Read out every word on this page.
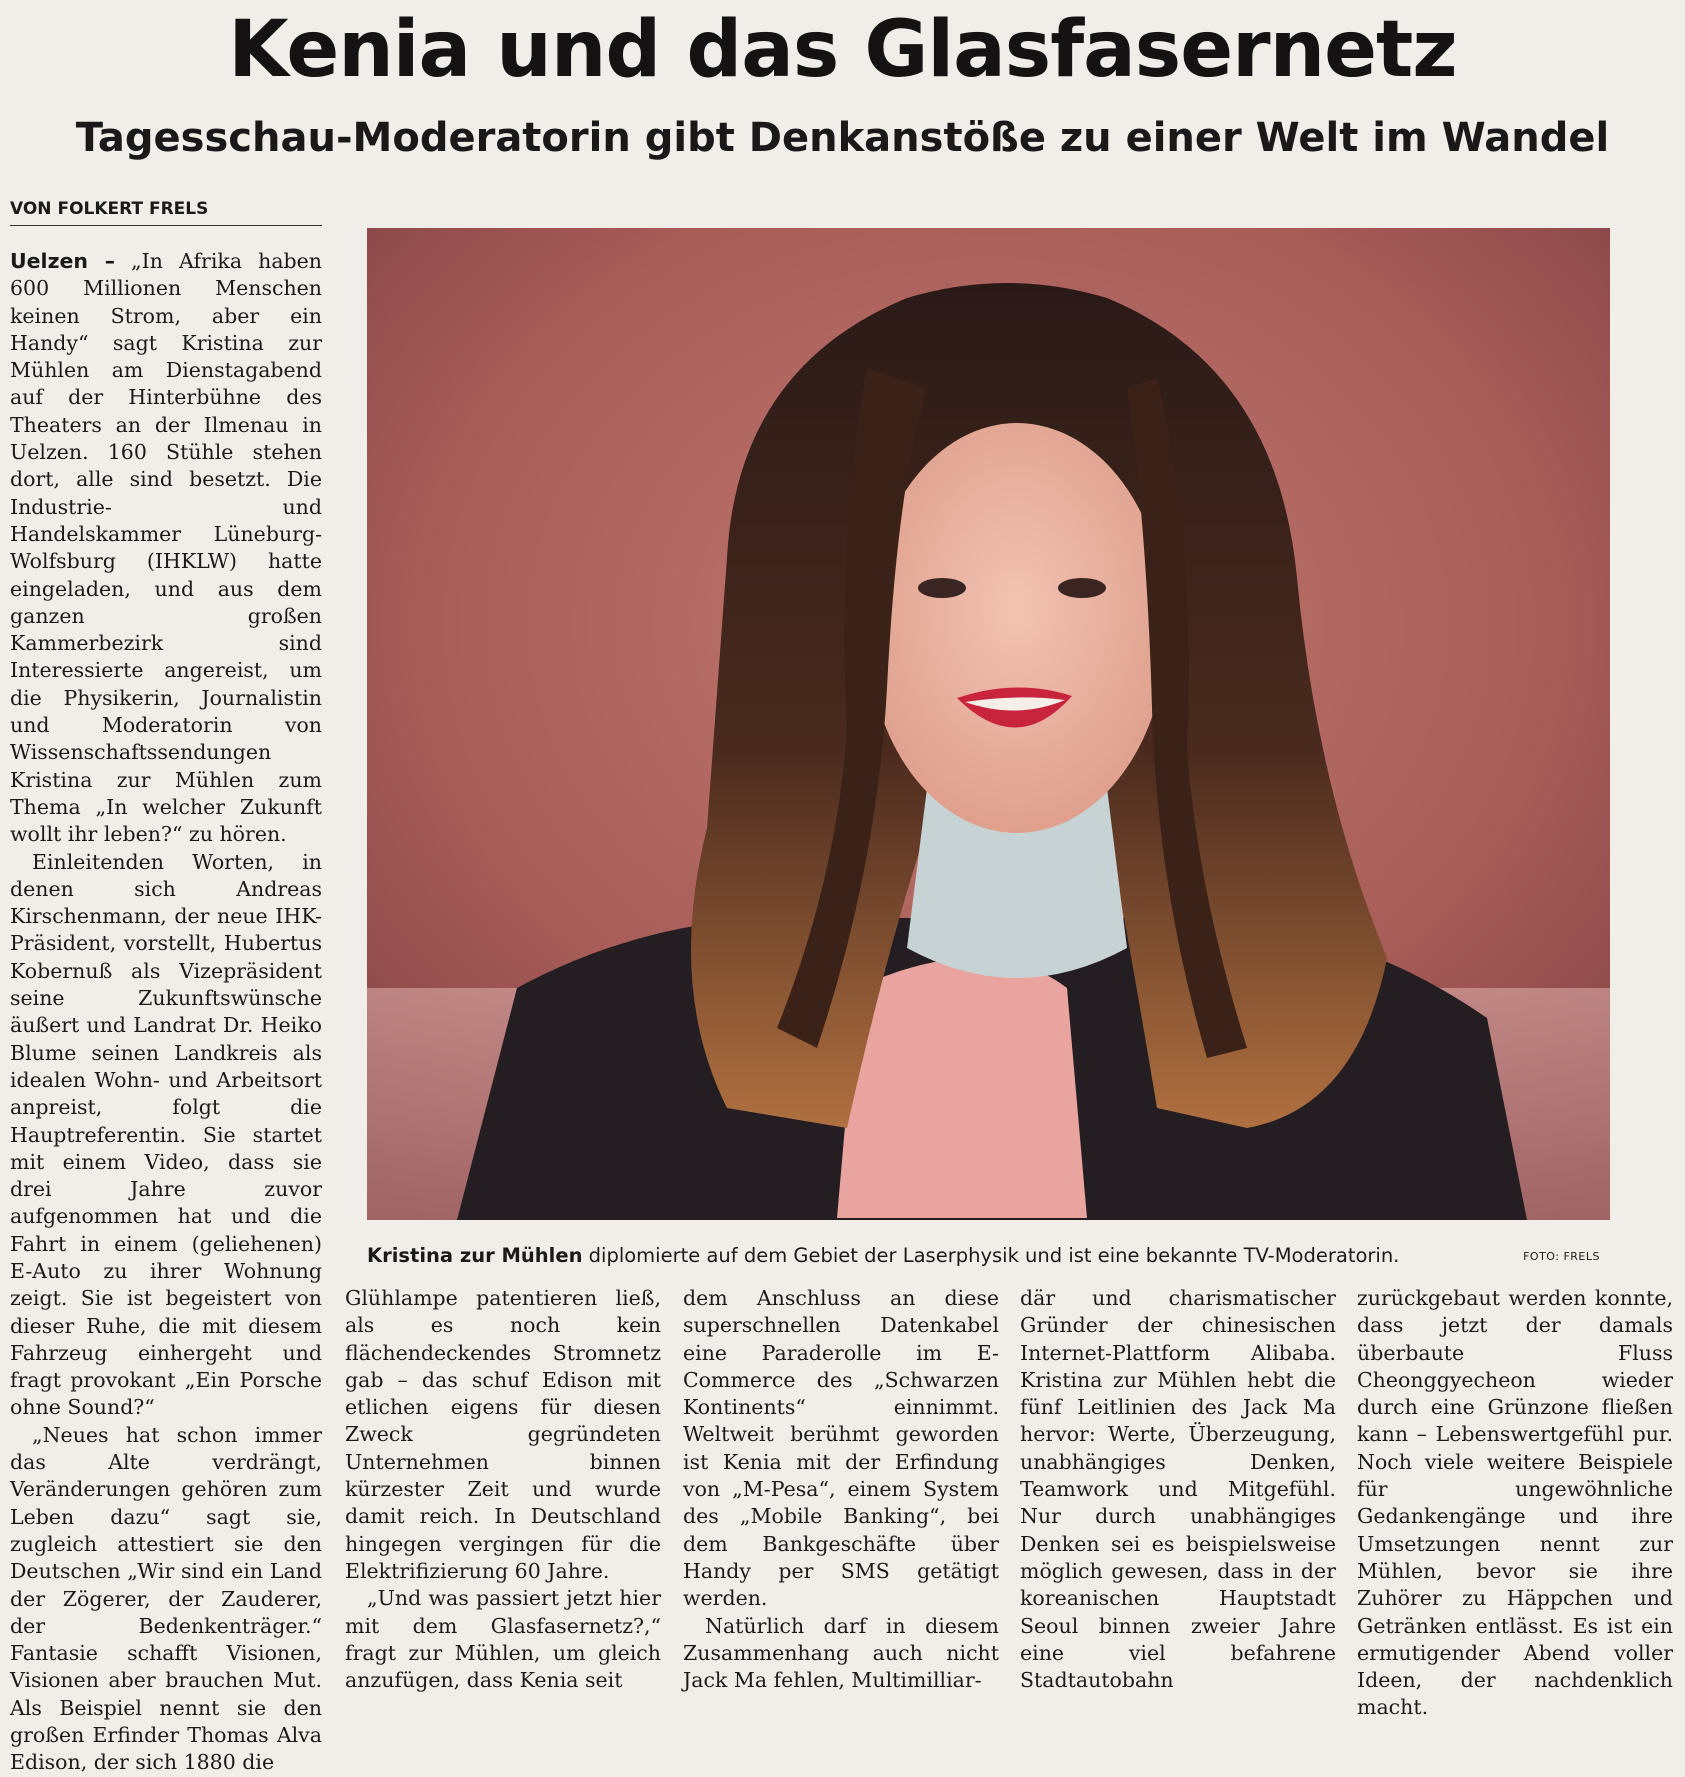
Kenia und das Glasfasernetz
Tagesschau-Moderatorin gibt Denkanstöße zu einer Welt im Wandel
VON FOLKERT FRELS
Kristina zur Mühlen diplomierte auf dem Gebiet der Laserphysik und ist eine bekannte TV-Moderatorin.	FOTO: FRELS

Uelzen – „In Afrika haben 600 Millionen Menschen keinen Strom, aber ein Handy“ sagt Kristina zur Mühlen am Dienstagabend auf der Hinterbühne des Theaters an der Ilmenau in Uelzen. 160 Stühle stehen dort, alle sind besetzt. Die Industrie- und Handelskammer Lüneburg-Wolfsburg (IHKLW) hatte eingeladen, und aus dem ganzen großen Kammerbezirk sind Interessierte angereist, um die Physikerin, Journalistin und Moderatorin von Wissenschaftssendungen Kristina zur Mühlen zum Thema „In welcher Zukunft wollt ihr leben?“ zu hören.

Einleitenden Worten, in denen sich Andreas Kirschenmann, der neue IHK-Präsident, vorstellt, Hubertus Kobernuß als Vizepräsident seine Zukunftswünsche äußert und Landrat Dr. Heiko Blume seinen Landkreis als idealen Wohn- und Arbeitsort anpreist, folgt die Hauptreferentin. Sie startet mit einem Video, dass sie drei Jahre zuvor aufgenommen hat und die Fahrt in einem (geliehenen) E-Auto zu ihrer Wohnung zeigt. Sie ist begeistert von dieser Ruhe, die mit diesem Fahrzeug einhergeht und fragt provokant „Ein Porsche ohne Sound?“

„Neues hat schon immer das Alte verdrängt, Veränderungen gehören zum Leben dazu“ sagt sie, zugleich attestiert sie den Deutschen „Wir sind ein Land der Zögerer, der Zauderer, der Bedenkenträger.“ Fantasie schafft Visionen, Visionen aber brauchen Mut. Als Beispiel nennt sie den großen Erfinder Thomas Alva Edison, der sich 1880 die

Glühlampe patentieren ließ, als es noch kein flächendeckendes Stromnetz gab – das schuf Edison mit etlichen eigens für diesen Zweck gegründeten Unternehmen binnen kürzester Zeit und wurde damit reich. In Deutschland hingegen vergingen für die Elektrifizierung 60 Jahre.

„Und was passiert jetzt hier mit dem Glasfasernetz?,“ fragt zur Mühlen, um gleich anzufügen, dass Kenia seit

dem Anschluss an diese superschnellen Datenkabel eine Paraderolle im E-Commerce des „Schwarzen Kontinents“ einnimmt. Weltweit berühmt geworden ist Kenia mit der Erfindung von „M-Pesa“, einem System des „Mobile Banking“, bei dem Bankgeschäfte über Handy per SMS getätigt werden.

Natürlich darf in diesem Zusammenhang auch nicht Jack Ma fehlen, Multimilliar-

där und charismatischer Gründer der chinesischen Internet-Plattform Alibaba. Kristina zur Mühlen hebt die fünf Leitlinien des Jack Ma hervor: Werte, Überzeugung, unabhängiges Denken, Teamwork und Mitgefühl. Nur durch unabhängiges Denken sei es beispielsweise möglich gewesen, dass in der koreanischen Hauptstadt Seoul binnen zweier Jahre eine viel befahrene Stadtautobahn

zurückgebaut werden konnte, dass jetzt der damals überbaute Fluss Cheonggyecheon wieder durch eine Grünzone fließen kann – Lebenswertgefühl pur. Noch viele weitere Beispiele für ungewöhnliche Gedankengänge und ihre Umsetzungen nennt zur Mühlen, bevor sie ihre Zuhörer zu Häppchen und Getränken entlässt. Es ist ein ermutigender Abend voller Ideen, der nachdenklich macht.
